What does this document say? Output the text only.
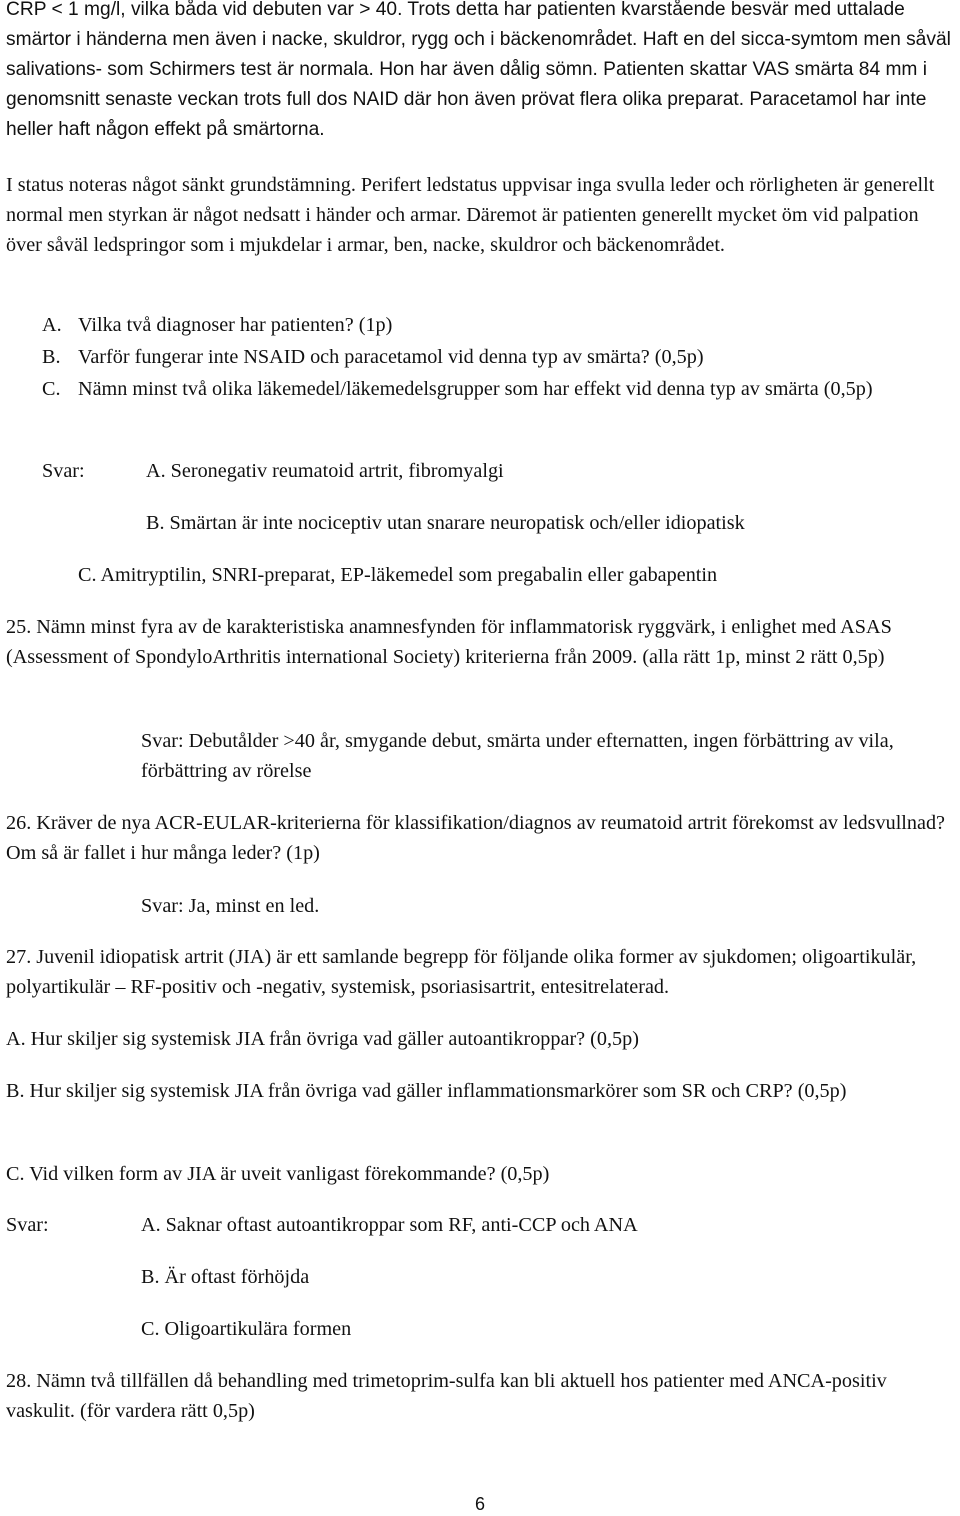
CRP < 1 mg/l, vilka båda vid debuten var > 40. Trots detta har patienten kvarstående besvär med uttalade smärtor i händerna men även i nacke, skuldror, rygg och i bäckenområdet. Haft en del sicca-symtom men såväl salivations- som Schirmers test är normala. Hon har även dålig sömn. Patienten skattar VAS smärta 84 mm i genomsnitt senaste veckan trots full dos NAID där hon även prövat flera olika preparat. Paracetamol har inte heller haft någon effekt på smärtorna.

I status noteras något sänkt grundstämning. Perifert ledstatus uppvisar inga svulla leder och rörligheten är generellt normal men styrkan är något nedsatt i händer och armar. Däremot är patienten generellt mycket öm vid palpation över såväl ledspringor som i mjukdelar i armar, ben, nacke, skuldror och bäckenområdet.

A. Vilka två diagnoser har patienten? (1p)
B. Varför fungerar inte NSAID och paracetamol vid denna typ av smärta? (0,5p)
C. Nämn minst två olika läkemedel/läkemedelsgrupper som har effekt vid denna typ av smärta (0,5p)

Svar:	A. Seronegativ reumatoid artrit, fibromyalgi
B. Smärtan är inte nociceptiv utan snarare neuropatisk och/eller idiopatisk
C. Amitryptilin, SNRI-preparat, EP-läkemedel som pregabalin eller gabapentin

25. Nämn minst fyra av de karakteristiska anamnesfynden för inflammatorisk ryggvärk, i enlighet med ASAS (Assessment of SpondyloArthritis international Society) kriterierna från 2009. (alla rätt 1p, minst 2 rätt 0,5p)

Svar: Debutålder >40 år, smygande debut, smärta under efternatten, ingen förbättring av vila, förbättring av rörelse

26. Kräver de nya ACR-EULAR-kriterierna för klassifikation/diagnos av reumatoid artrit förekomst av ledsvullnad? Om så är fallet i hur många leder? (1p)

Svar: Ja, minst en led.

27. Juvenil idiopatisk artrit (JIA) är ett samlande begrepp för följande olika former av sjukdomen; oligoartikulär, polyartikulär – RF-positiv och -negativ, systemisk, psoriasisartrit, entesitrelaterad.

A. Hur skiljer sig systemisk JIA från övriga vad gäller autoantikroppar? (0,5p)

B. Hur skiljer sig systemisk JIA från övriga vad gäller inflammationsmarkörer som SR och CRP? (0,5p)

C. Vid vilken form av JIA är uveit vanligast förekommande? (0,5p)
Svar:	A. Saknar oftast autoantikroppar som RF, anti-CCP och ANA
B. Är oftast förhöjda
C. Oligoartikulära formen

28. Nämn två tillfällen då behandling med trimetoprim-sulfa kan bli aktuell hos patienter med ANCA-positiv vaskulit. (för vardera rätt 0,5p)

6
